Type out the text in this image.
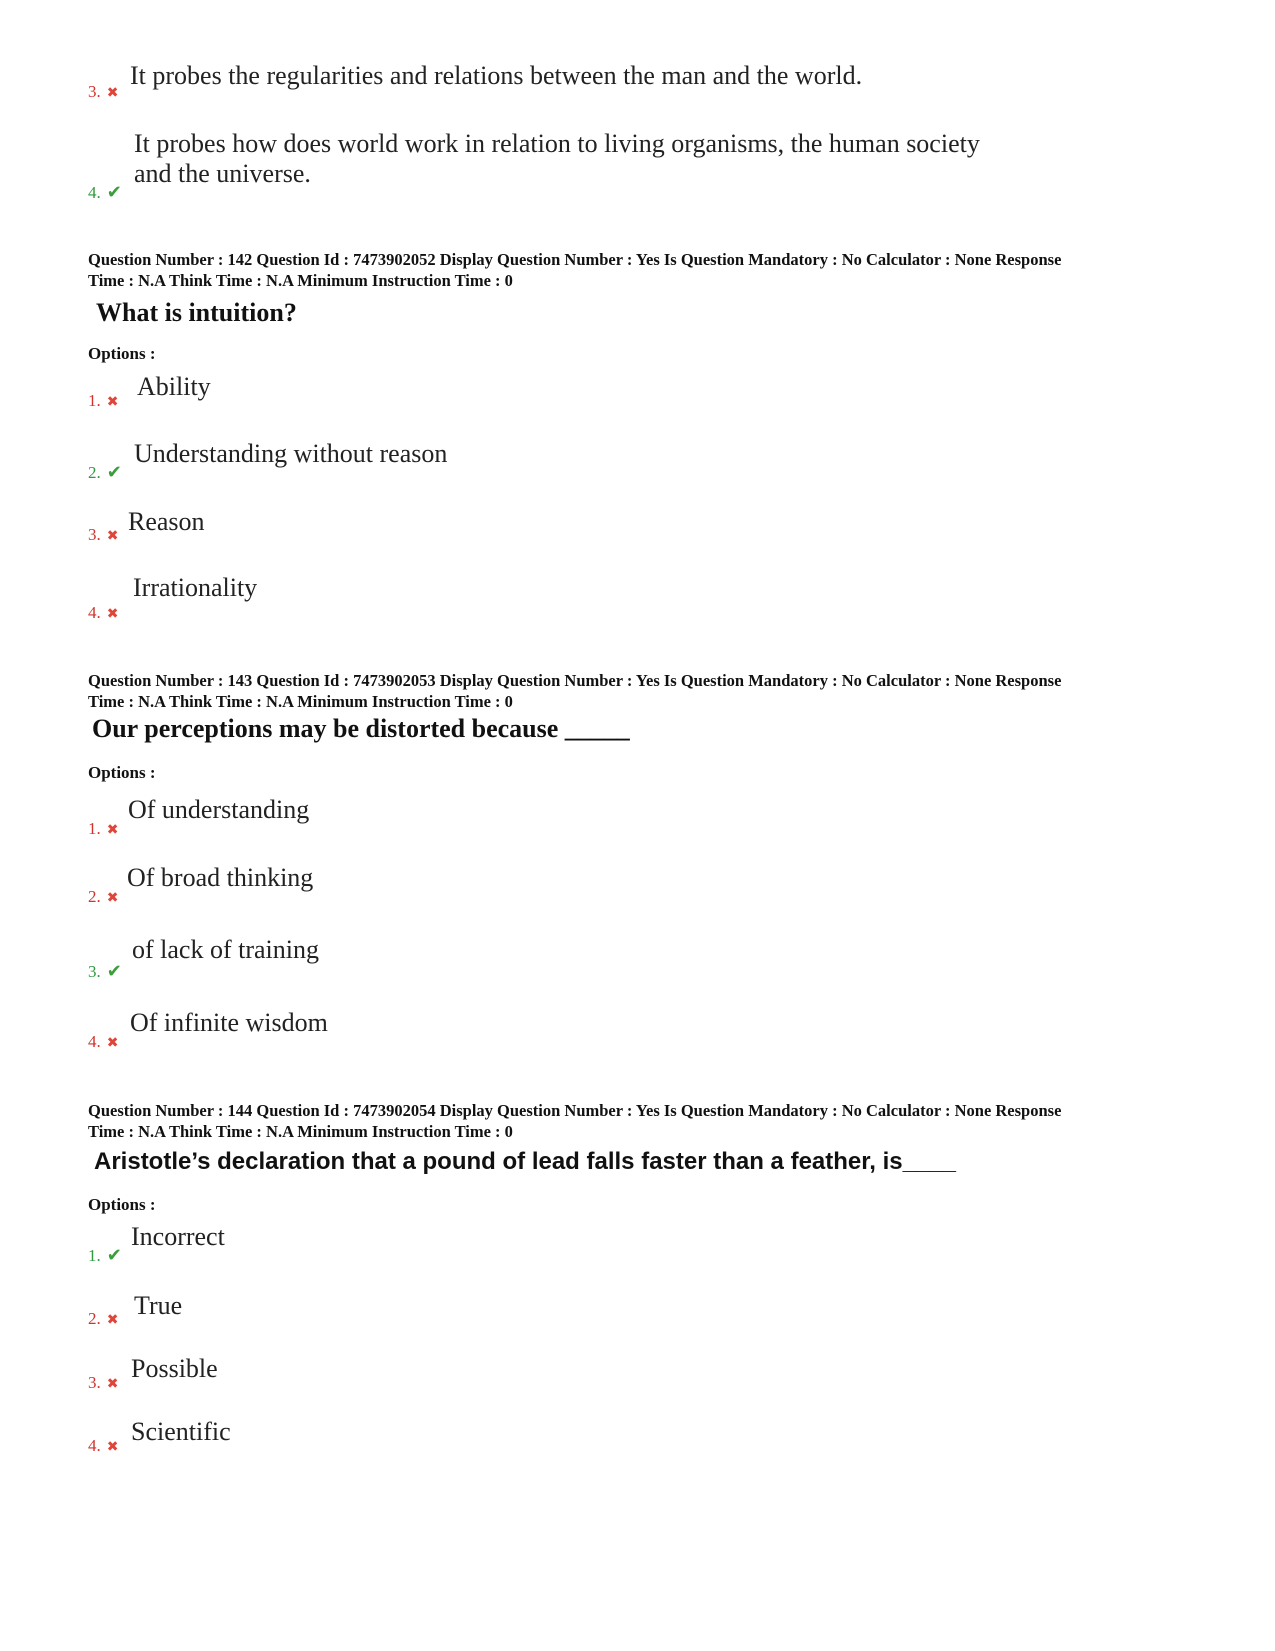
3. ✖
It probes the regularities and relations between the man and the world.
4. ✔
It probes how does world work in relation to living organisms, the human society
and the universe.
Question Number : 142 Question Id : 7473902052 Display Question Number : Yes Is Question Mandatory : No Calculator : None Response
Time : N.A Think Time : N.A Minimum Instruction Time : 0
What is intuition?
Options :
1. ✖
Ability
2. ✔
Understanding without reason
3. ✖
Reason
4. ✖
Irrationality
Question Number : 143 Question Id : 7473902053 Display Question Number : Yes Is Question Mandatory : No Calculator : None Response
Time : N.A Think Time : N.A Minimum Instruction Time : 0
Our perceptions may be distorted because _____
Options :
1. ✖
Of understanding
2. ✖
Of broad thinking
3. ✔
of lack of training
4. ✖
Of infinite wisdom
Question Number : 144 Question Id : 7473902054 Display Question Number : Yes Is Question Mandatory : No Calculator : None Response
Time : N.A Think Time : N.A Minimum Instruction Time : 0
Aristotle’s declaration that a pound of lead falls faster than a feather, is____
Options :
1. ✔
Incorrect
2. ✖
True
3. ✖
Possible
4. ✖
Scientific
